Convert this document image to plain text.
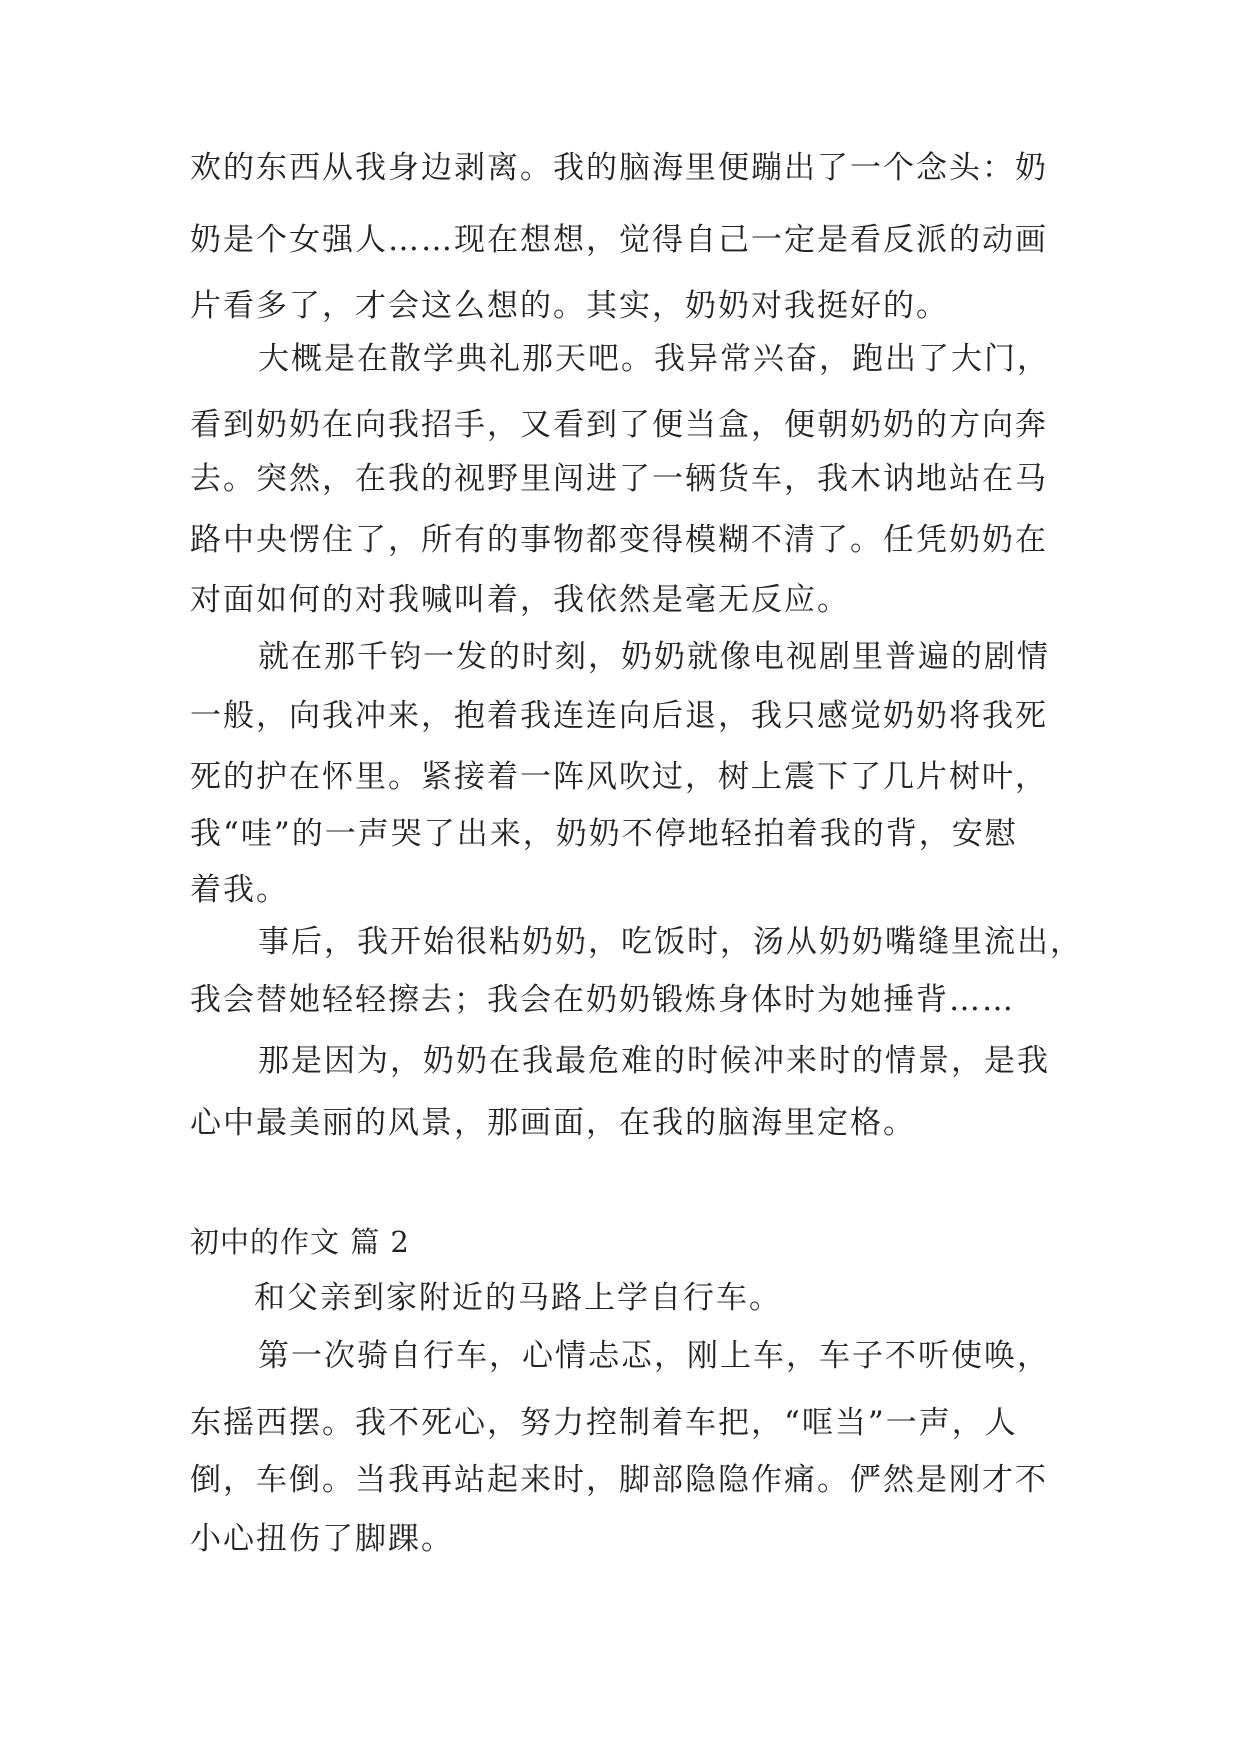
欢的东西从我身边剥离。我的脑海里便蹦出了一个念头：奶
奶是个女强人……现在想想，觉得自己一定是看反派的动画
片看多了，才会这么想的。其实，奶奶对我挺好的。
大概是在散学典礼那天吧。我异常兴奋，跑出了大门，
看到奶奶在向我招手，又看到了便当盒，便朝奶奶的方向奔
去。突然，在我的视野里闯进了一辆货车，我木讷地站在马
路中央愣住了，所有的事物都变得模糊不清了。任凭奶奶在
对面如何的对我喊叫着，我依然是毫无反应。
就在那千钧一发的时刻，奶奶就像电视剧里普遍的剧情
一般，向我冲来，抱着我连连向后退，我只感觉奶奶将我死
死的护在怀里。紧接着一阵风吹过，树上震下了几片树叶，
我“哇”的一声哭了出来，奶奶不停地轻拍着我的背，安慰
着我。
事后，我开始很粘奶奶，吃饭时，汤从奶奶嘴缝里流出，
我会替她轻轻擦去；我会在奶奶锻炼身体时为她捶背……
那是因为，奶奶在我最危难的时候冲来时的情景，是我
心中最美丽的风景，那画面，在我的脑海里定格。
初中的作文 篇 2
和父亲到家附近的马路上学自行车。
第一次骑自行车，心情忐忑，刚上车，车子不听使唤，
东摇西摆。我不死心，努力控制着车把，“哐当”一声，人
倒，车倒。当我再站起来时，脚部隐隐作痛。俨然是刚才不
小心扭伤了脚踝。
